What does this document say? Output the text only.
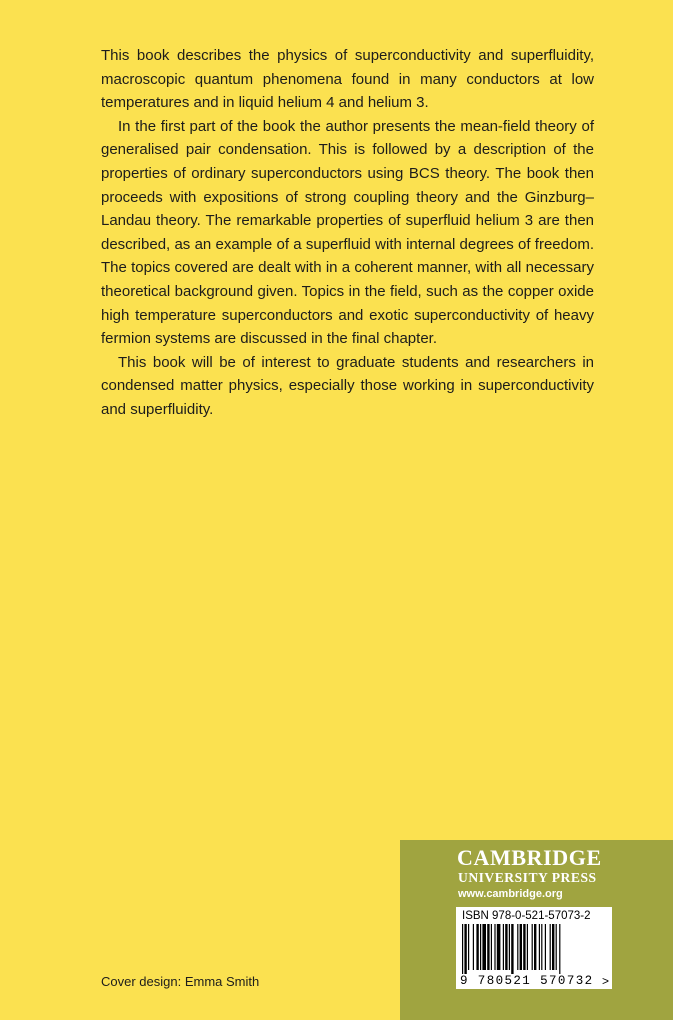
This book describes the physics of superconductivity and superfluidity, macroscopic quantum phenomena found in many conductors at low temperatures and in liquid helium 4 and helium 3.

In the first part of the book the author presents the mean-field theory of generalised pair condensation. This is followed by a description of the properties of ordinary superconductors using BCS theory. The book then proceeds with expositions of strong coupling theory and the Ginzburg–Landau theory. The remarkable properties of superfluid helium 3 are then described, as an example of a superfluid with internal degrees of freedom. The topics covered are dealt with in a coherent manner, with all necessary theoretical background given. Topics in the field, such as the copper oxide high temperature superconductors and exotic superconductivity of heavy fermion systems are discussed in the final chapter.

This book will be of interest to graduate students and researchers in condensed matter physics, especially those working in superconductivity and superfluidity.

Cover design: Emma Smith
CAMBRIDGE
UNIVERSITY PRESS
www.cambridge.org
ISBN 978-0-521-57073-2
9 780521 570732 >
